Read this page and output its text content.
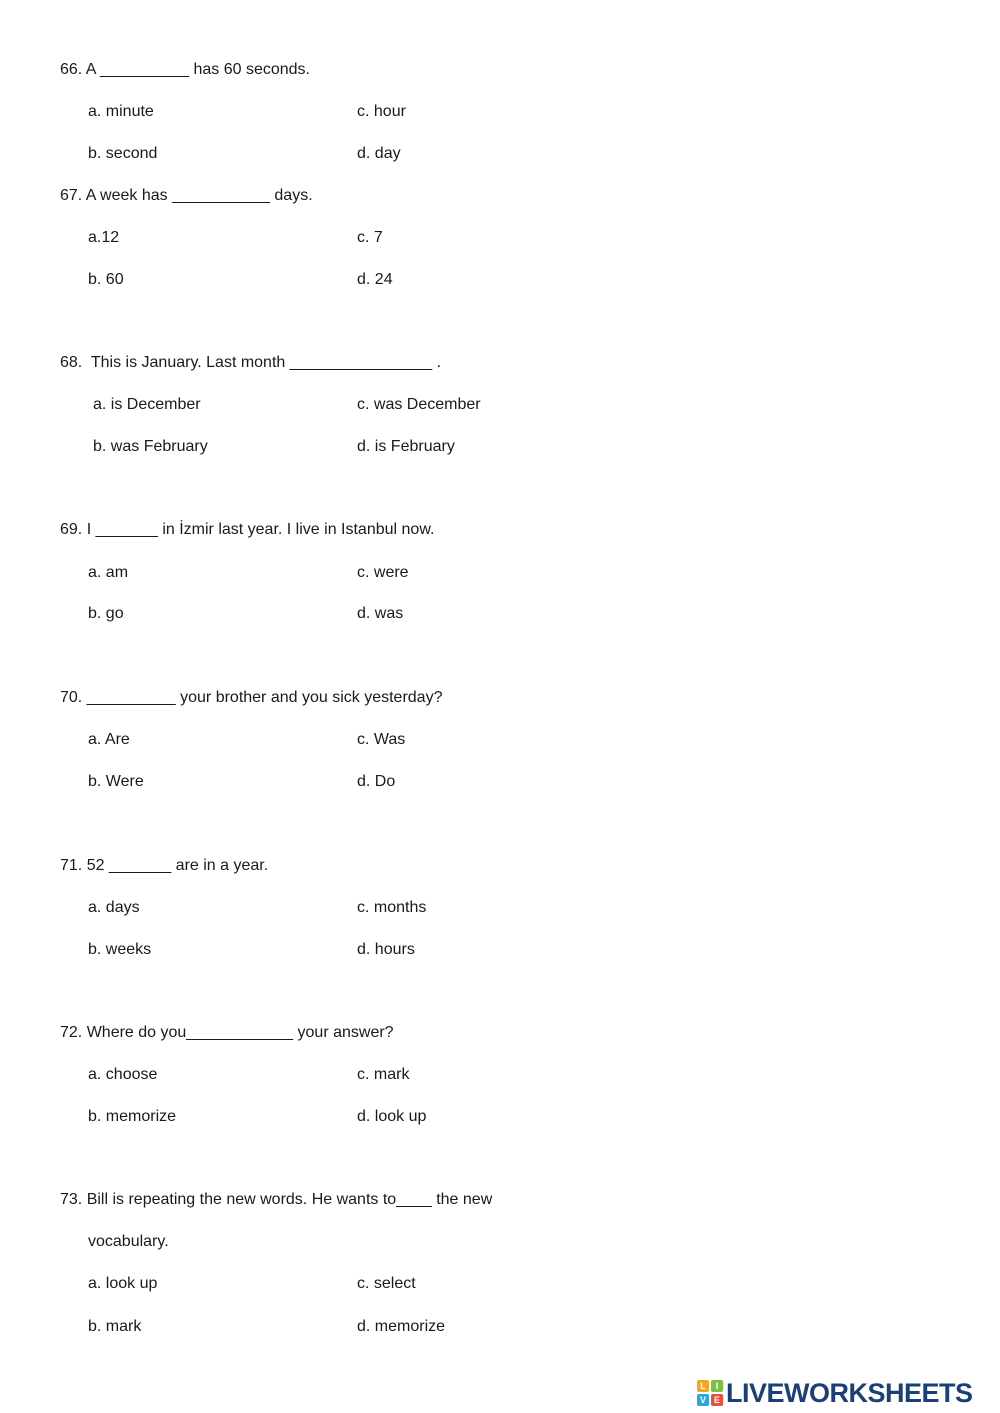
66. A __________ has 60 seconds.
a. minute	c. hour
b. second	d. day
67. A week has ___________ days.
a.12	c. 7
b. 60	d. 24
68.  This is January. Last month ________________ .
a. is December	c. was December
b. was February	d. is February
69. I _______ in İzmir last year. I live in Istanbul now.
a. am	c. were
b. go	d. was
70. __________ your brother and you sick yesterday?
a. Are	c. Was
b. Were	d. Do
71. 52 _______ are in a year.
a. days	c. months
b. weeks	d. hours
72. Where do you____________ your answer?
a. choose	c. mark
b. memorize	d. look up
73. Bill is repeating the new words. He wants to____ the new
vocabulary.
a. look up	c. select
b. mark	d. memorize
L	I
V E LIVEWORKSHEETS
